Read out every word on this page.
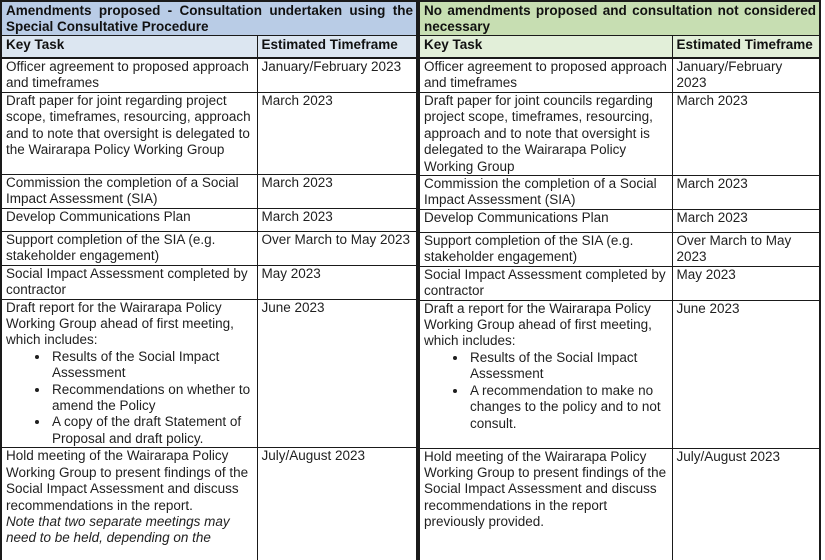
Amendments proposed - Consultation undertaken using the Special Consultative Procedure	
Key Task	Estimated Timeframe

Officer agreement to proposed approach and timeframes	January/February 2023

Draft paper for joint regarding project scope, timeframes, resourcing, approach and to note that oversight is delegated to the Wairarapa Policy Working Group	March 2023

Commission the completion of a Social Impact Assessment (SIA)	March 2023

Develop Communications Plan	March 2023

Support completion of the SIA (e.g. stakeholder engagement)	Over March to May 2023

Social Impact Assessment completed by contractor	May 2023

Draft report for the Wairarapa Policy Working Group ahead of first meeting, which includes:
• Results of the Social Impact Assessment
• Recommendations on whether to amend the Policy
• A copy of the draft Statement of Proposal and draft policy.
	June 2023

Hold meeting of the Wairarapa Policy Working Group to present findings of the Social Impact Assessment and discuss recommendations in the report.
Note that two separate meetings may need to be held, depending on the	July/August 2023
No amendments proposed and consultation not considered necessary	
Key Task	Estimated Timeframe

Officer agreement to proposed approach and timeframes	January/February 2023

Draft paper for joint councils regarding project scope, timeframes, resourcing, approach and to note that oversight is delegated to the Wairarapa Policy Working Group	March 2023

Commission the completion of a Social Impact Assessment (SIA)	March 2023

Develop Communications Plan	March 2023

Support completion of the SIA (e.g. stakeholder engagement)	Over March to May 2023

Social Impact Assessment completed by contractor	May 2023

Draft a report for the Wairarapa Policy Working Group ahead of first meeting, which includes:
• Results of the Social Impact Assessment
• A recommendation to make no changes to the policy and to not consult.
	June 2023

Hold meeting of the Wairarapa Policy Working Group to present findings of the Social Impact Assessment and discuss recommendations in the report previously provided.	July/August 2023
